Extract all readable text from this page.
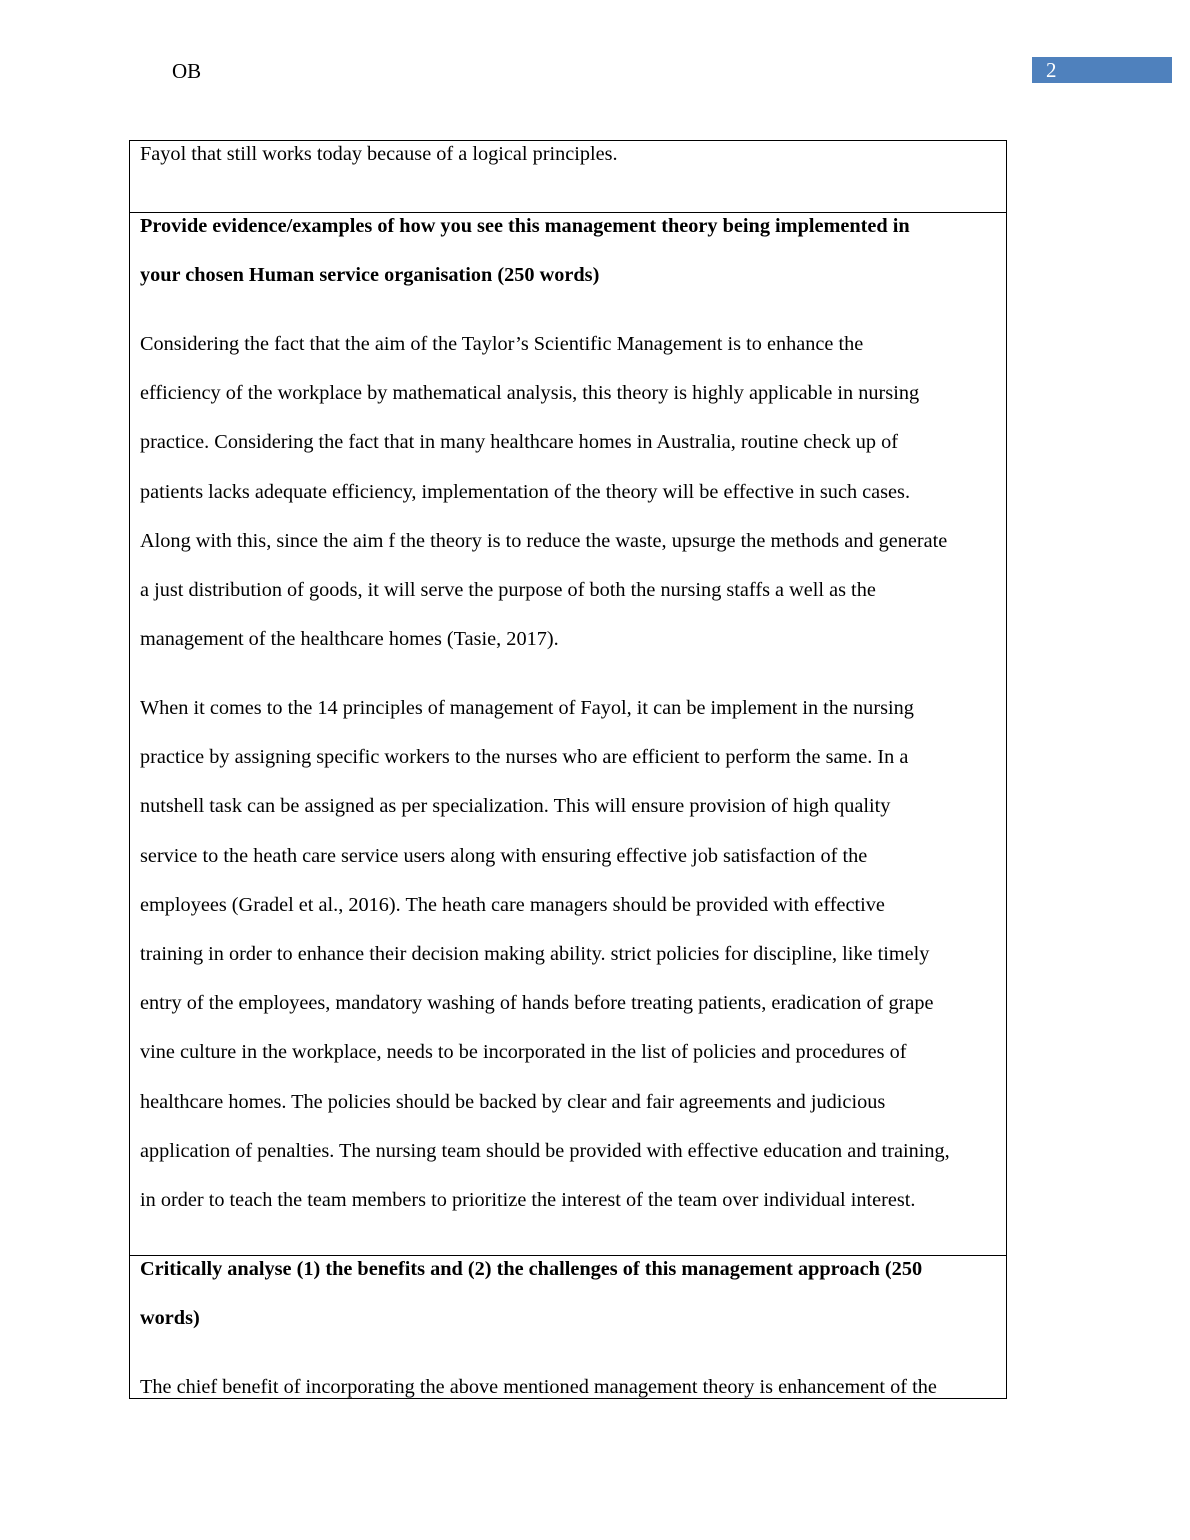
OB	2
Fayol that still works today because of a logical principles.
Provide evidence/examples of how you see this management theory being implemented in
your chosen Human service organisation (250 words)
Considering the fact that the aim of the Taylor’s Scientific Management is to enhance the
efficiency of the workplace by mathematical analysis, this theory is highly applicable in nursing
practice. Considering the fact that in many healthcare homes in Australia, routine check up of
patients lacks adequate efficiency, implementation of the theory will be effective in such cases.
Along with this, since the aim f the theory is to reduce the waste, upsurge the methods and generate
a just distribution of goods, it will serve the purpose of both the nursing staffs a well as the
management of the healthcare homes (Tasie, 2017).
When it comes to the 14 principles of management of Fayol, it can be implement in the nursing
practice by assigning specific workers to the nurses who are efficient to perform the same. In a
nutshell task can be assigned as per specialization. This will ensure provision of high quality
service to the heath care service users along with ensuring effective job satisfaction of the
employees (Gradel et al., 2016). The heath care managers should be provided with effective
training in order to enhance their decision making ability. strict policies for discipline, like timely
entry of the employees, mandatory washing of hands before treating patients, eradication of grape
vine culture in the workplace, needs to be incorporated in the list of policies and procedures of
healthcare homes. The policies should be backed by clear and fair agreements and judicious
application of penalties. The nursing team should be provided with effective education and training,
in order to teach the team members to prioritize the interest of the team over individual interest.
Critically analyse (1) the benefits and (2) the challenges of this management approach (250
words)
The chief benefit of incorporating the above mentioned management theory is enhancement of the
